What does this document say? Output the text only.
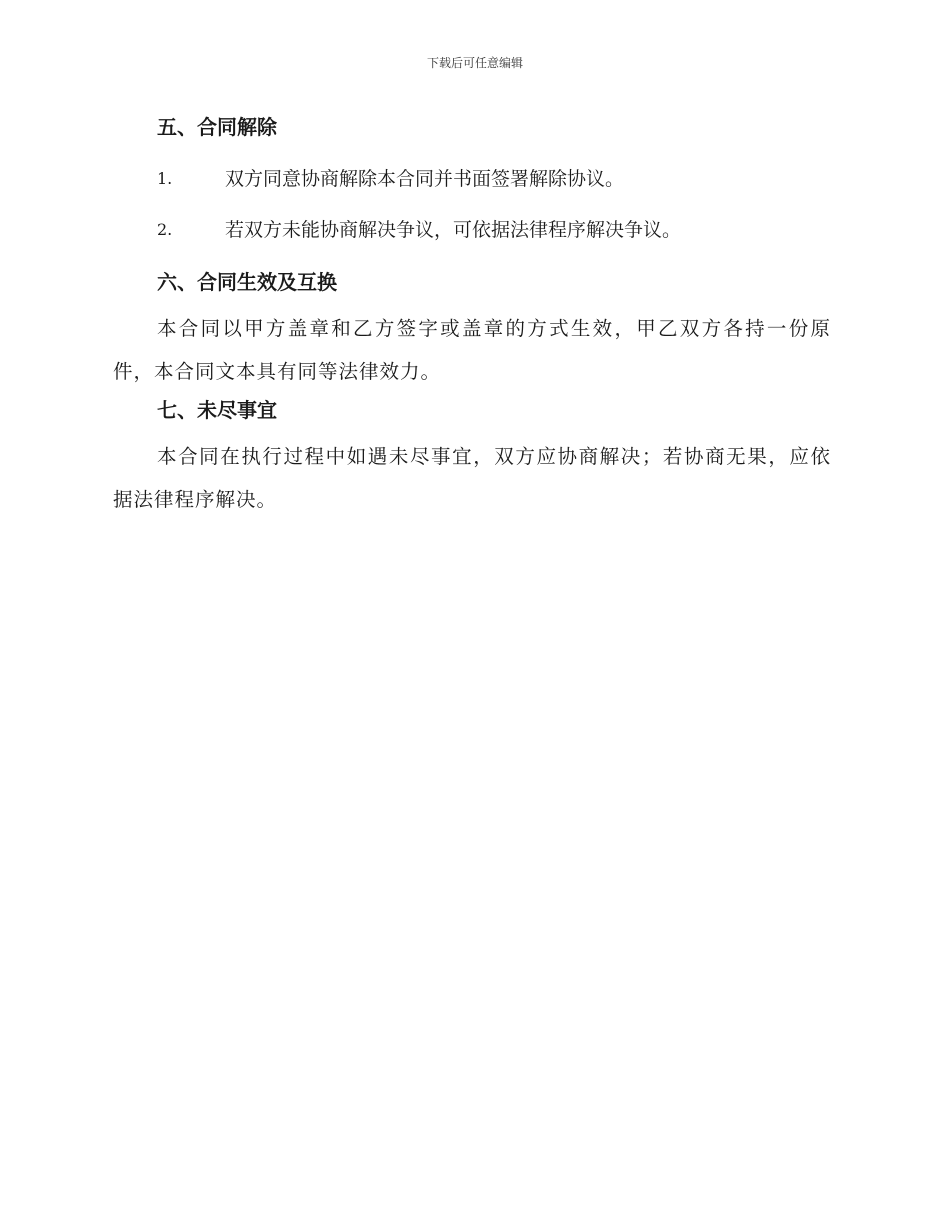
下载后可任意编辑
五、合同解除
1.	双方同意协商解除本合同并书面签署解除协议。
2.	若双方未能协商解决争议，可依据法律程序解决争议。
六、合同生效及互换

本合同以甲方盖章和乙方签字或盖章的方式生效，甲乙双方各持一份原件，本合同文本具有同等法律效力。

七、未尽事宜

本合同在执行过程中如遇未尽事宜，双方应协商解决；若协商无果，应依据法律程序解决。
